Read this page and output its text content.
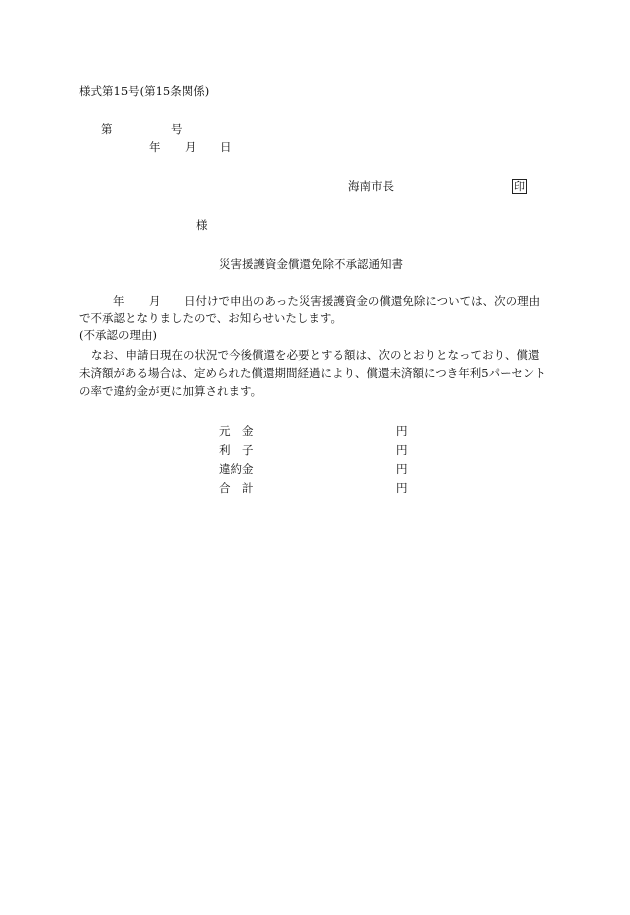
様式第15号(第15条関係)
第	号
年 月 日
海南市長	印
様
災害援護資金償還免除不承認通知書
年 月 日付けで申出のあった災害援護資金の償還免除については、次の理由
で不承認となりましたので、お知らせいたします。
(不承認の理由)
なお、申請日現在の状況で今後償還を必要とする額は、次のとおりとなっており、償還
未済額がある場合は、定められた償還期間経過により、償還未済額につき年利5パーセント
の率で違約金が更に加算されます。
元　金	円
利　子	円
違約金	円
合　計	円
